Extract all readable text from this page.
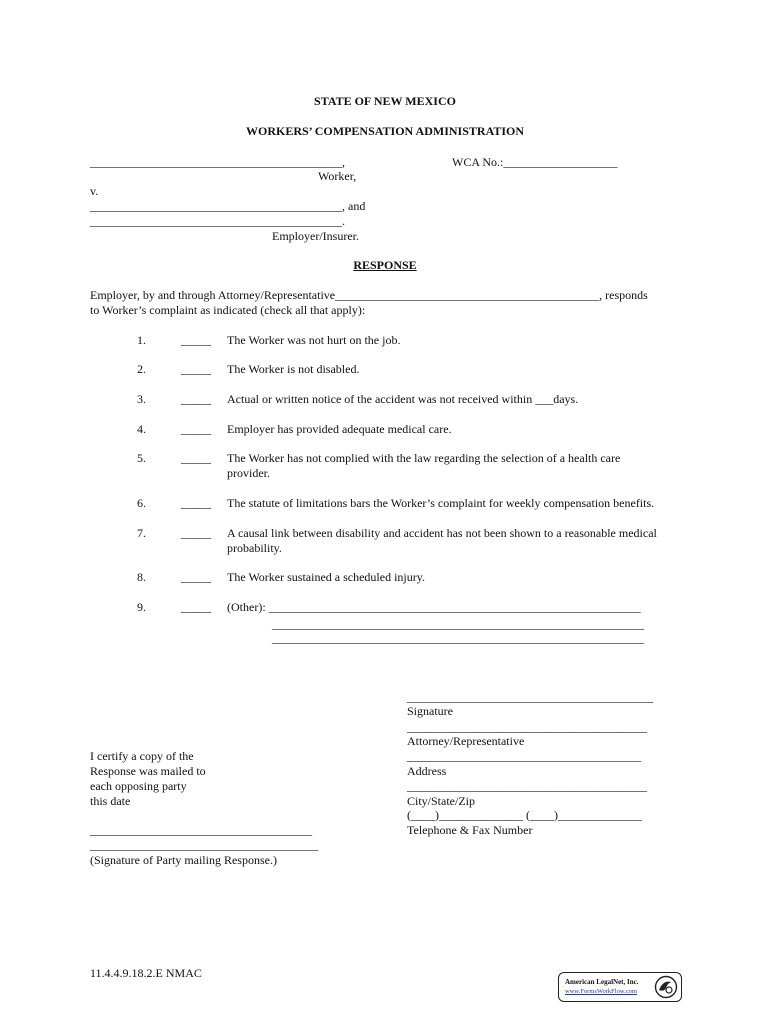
STATE OF NEW MEXICO
WORKERS’ COMPENSATION ADMINISTRATION
__________________________________________,
Worker,
WCA No.:___________________
v.
__________________________________________, and
__________________________________________.
Employer/Insurer.
RESPONSE
Employer, by and through Attorney/Representative____________________________________________, responds
to Worker’s complaint as indicated (check all that apply):
1.	_____ The Worker was not hurt on the job.
2.	_____ The Worker is not disabled.
3.	_____ Actual or written notice of the accident was not received within ___days.
4.	_____ Employer has provided adequate medical care.
5.	_____ The Worker has not complied with the law regarding the selection of a health care
provider.
6.	_____ The statute of limitations bars the Worker’s complaint for weekly compensation benefits.
7.	_____ A causal link between disability and accident has not been shown to a reasonable medical
probability.
8.	_____ The Worker sustained a scheduled injury.
9.	_____ (Other): ______________________________________________________________
______________________________________________________________
______________________________________________________________
_________________________________________
Signature
________________________________________
Attorney/Representative
_______________________________________
Address
________________________________________
City/State/Zip
(____)______________ (____)______________
Telephone & Fax Number
I certify a copy of the
Response was mailed to
each opposing party
this date
_____________________________________
______________________________________
(Signature of Party mailing Response.)
11.4.4.9.18.2.E NMAC
American LegalNet, Inc.
www.FormsWorkFlow.com
